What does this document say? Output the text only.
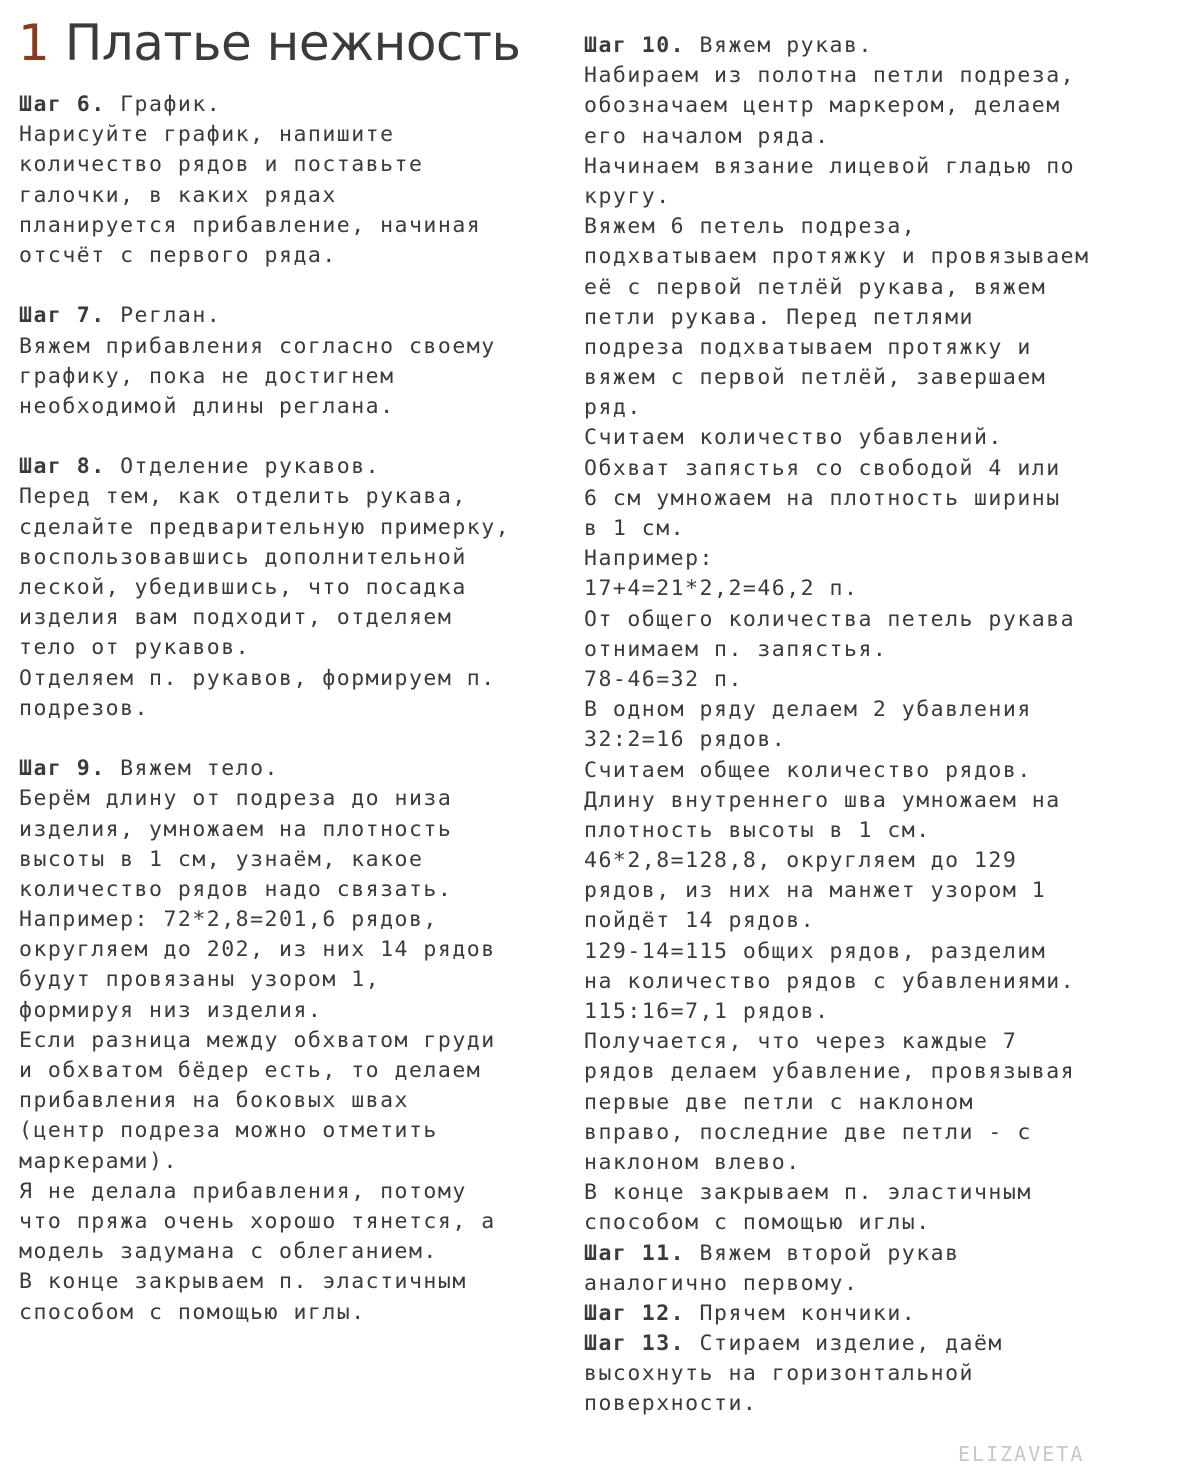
1 Платье нежность
Шаг 6. График.
Нарисуйте график, напишите
количество рядов и поставьте
галочки, в каких рядах
планируется прибавление, начиная
отсчёт с первого ряда.
Шаг 7. Реглан.
Вяжем прибавления согласно своему
графику, пока не достигнем
необходимой длины реглана.
Шаг 8. Отделение рукавов.
Перед тем, как отделить рукава,
сделайте предварительную примерку,
воспользовавшись дополнительной
леской, убедившись, что посадка
изделия вам подходит, отделяем
тело от рукавов.
Отделяем п. рукавов, формируем п.
подрезов.
Шаг 9. Вяжем тело.
Берём длину от подреза до низа
изделия, умножаем на плотность
высоты в 1 см, узнаём, какое
количество рядов надо связать.
Например: 72*2,8=201,6 рядов,
округляем до 202, из них 14 рядов
будут провязаны узором 1,
формируя низ изделия.
Если разница между обхватом груди
и обхватом бёдер есть, то делаем
прибавления на боковых швах
(центр подреза можно отметить
маркерами).
Я не делала прибавления, потому
что пряжа очень хорошо тянется, а
модель задумана с облеганием.
В конце закрываем п. эластичным
способом с помощью иглы.
Шаг 10. Вяжем рукав.
Набираем из полотна петли подреза,
обозначаем центр маркером, делаем
его началом ряда.
Начинаем вязание лицевой гладью по
кругу.
Вяжем 6 петель подреза,
подхватываем протяжку и провязываем
её с первой петлёй рукава, вяжем
петли рукава. Перед петлями
подреза подхватываем протяжку и
вяжем с первой петлёй, завершаем
ряд.
Считаем количество убавлений.
Обхват запястья со свободой 4 или
6 см умножаем на плотность ширины
в 1 см.
Например:
17+4=21*2,2=46,2 п.
От общего количества петель рукава
отнимаем п. запястья.
78-46=32 п.
В одном ряду делаем 2 убавления
32:2=16 рядов.
Считаем общее количество рядов.
Длину внутреннего шва умножаем на
плотность высоты в 1 см.
46*2,8=128,8, округляем до 129
рядов, из них на манжет узором 1
пойдёт 14 рядов.
129-14=115 общих рядов, разделим
на количество рядов с убавлениями.
115:16=7,1 рядов.
Получается, что через каждые 7
рядов делаем убавление, провязывая
первые две петли с наклоном
вправо, последние две петли - с
наклоном влево.
В конце закрываем п. эластичным
способом с помощью иглы.
Шаг 11. Вяжем второй рукав
аналогично первому.
Шаг 12. Прячем кончики.
Шаг 13. Стираем изделие, даём
высохнуть на горизонтальной
поверхности.
ELIZAVETA
